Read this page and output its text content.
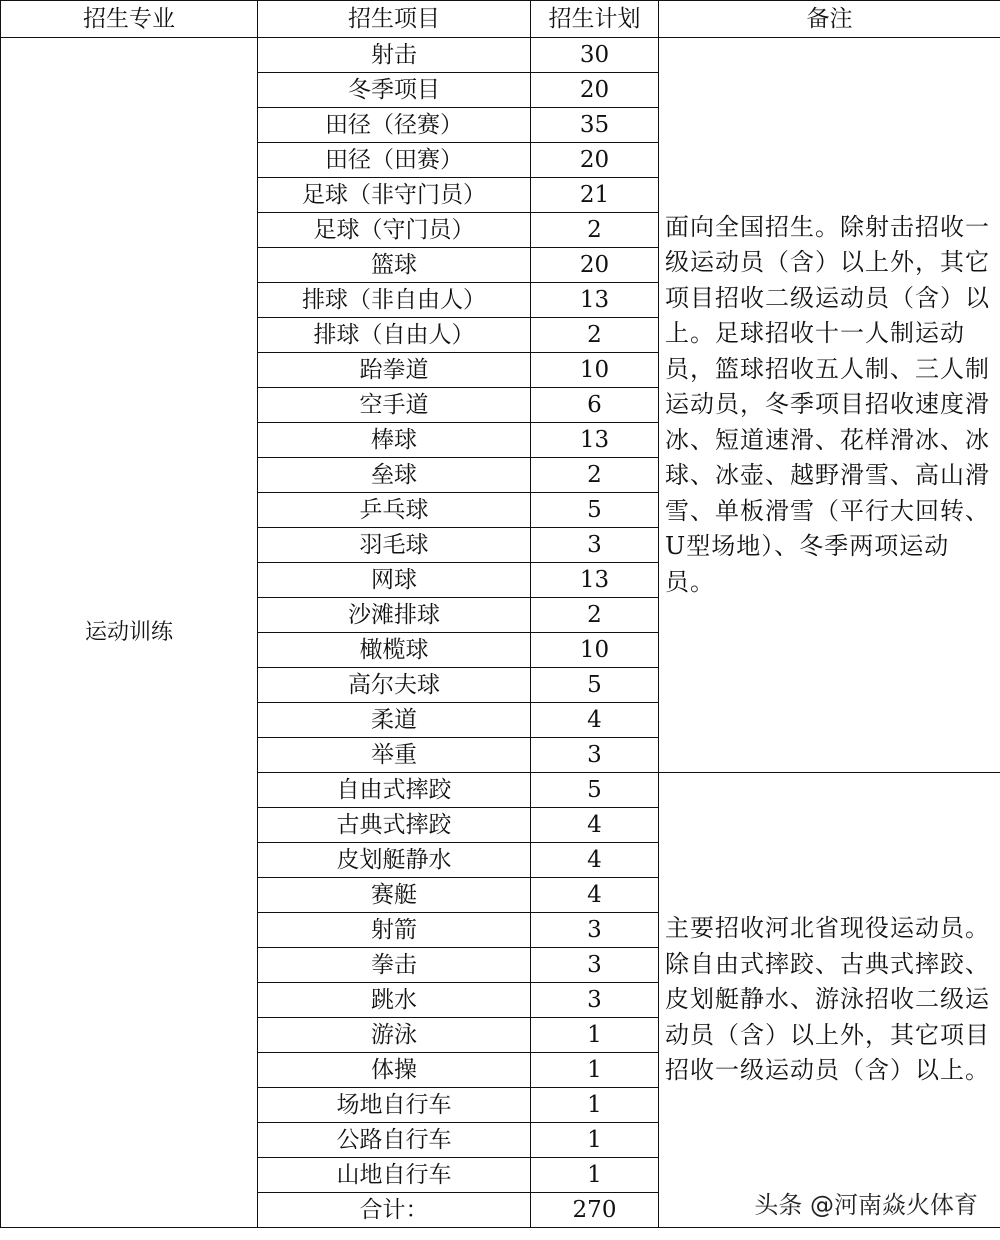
招生专业	招生项目	招生计划	备注
运动训练	射击	30	面向全国招生。除射击招收一级运动员（含）以上外，其它项目招收二级运动员（含）以上。足球招收十一人制运动员，篮球招收五人制、三人制运动员，冬季项目招收速度滑冰、短道速滑、花样滑冰、冰球、冰壶、越野滑雪、高山滑雪、单板滑雪（平行大回转、U型场地）、冬季两项运动员。
	冬季项目	20	
	田径（径赛）	35	
	田径（田赛）	20	
	足球（非守门员）	21	
	足球（守门员）	2	
	篮球	20	
	排球（非自由人）	13	
	排球（自由人）	2	
	跆拳道	10	
	空手道	6	
	棒球	13	
	垒球	2	
	乒乓球	5	
	羽毛球	3	
	网球	13	
	沙滩排球	2	
	橄榄球	10	
	高尔夫球	5	
	柔道	4	
	举重	3	
	自由式摔跤	5	主要招收河北省现役运动员。除自由式摔跤、古典式摔跤、皮划艇静水、游泳招收二级运动员（含）以上外，其它项目招收一级运动员（含）以上。
	古典式摔跤	4	
	皮划艇静水	4	
	赛艇	4	
	射箭	3	
	拳击	3	
	跳水	3	
	游泳	1	
	体操	1	
	场地自行车	1	
	公路自行车	1	
	山地自行车	1	
	合计：	270		头条 @河南焱火体育
